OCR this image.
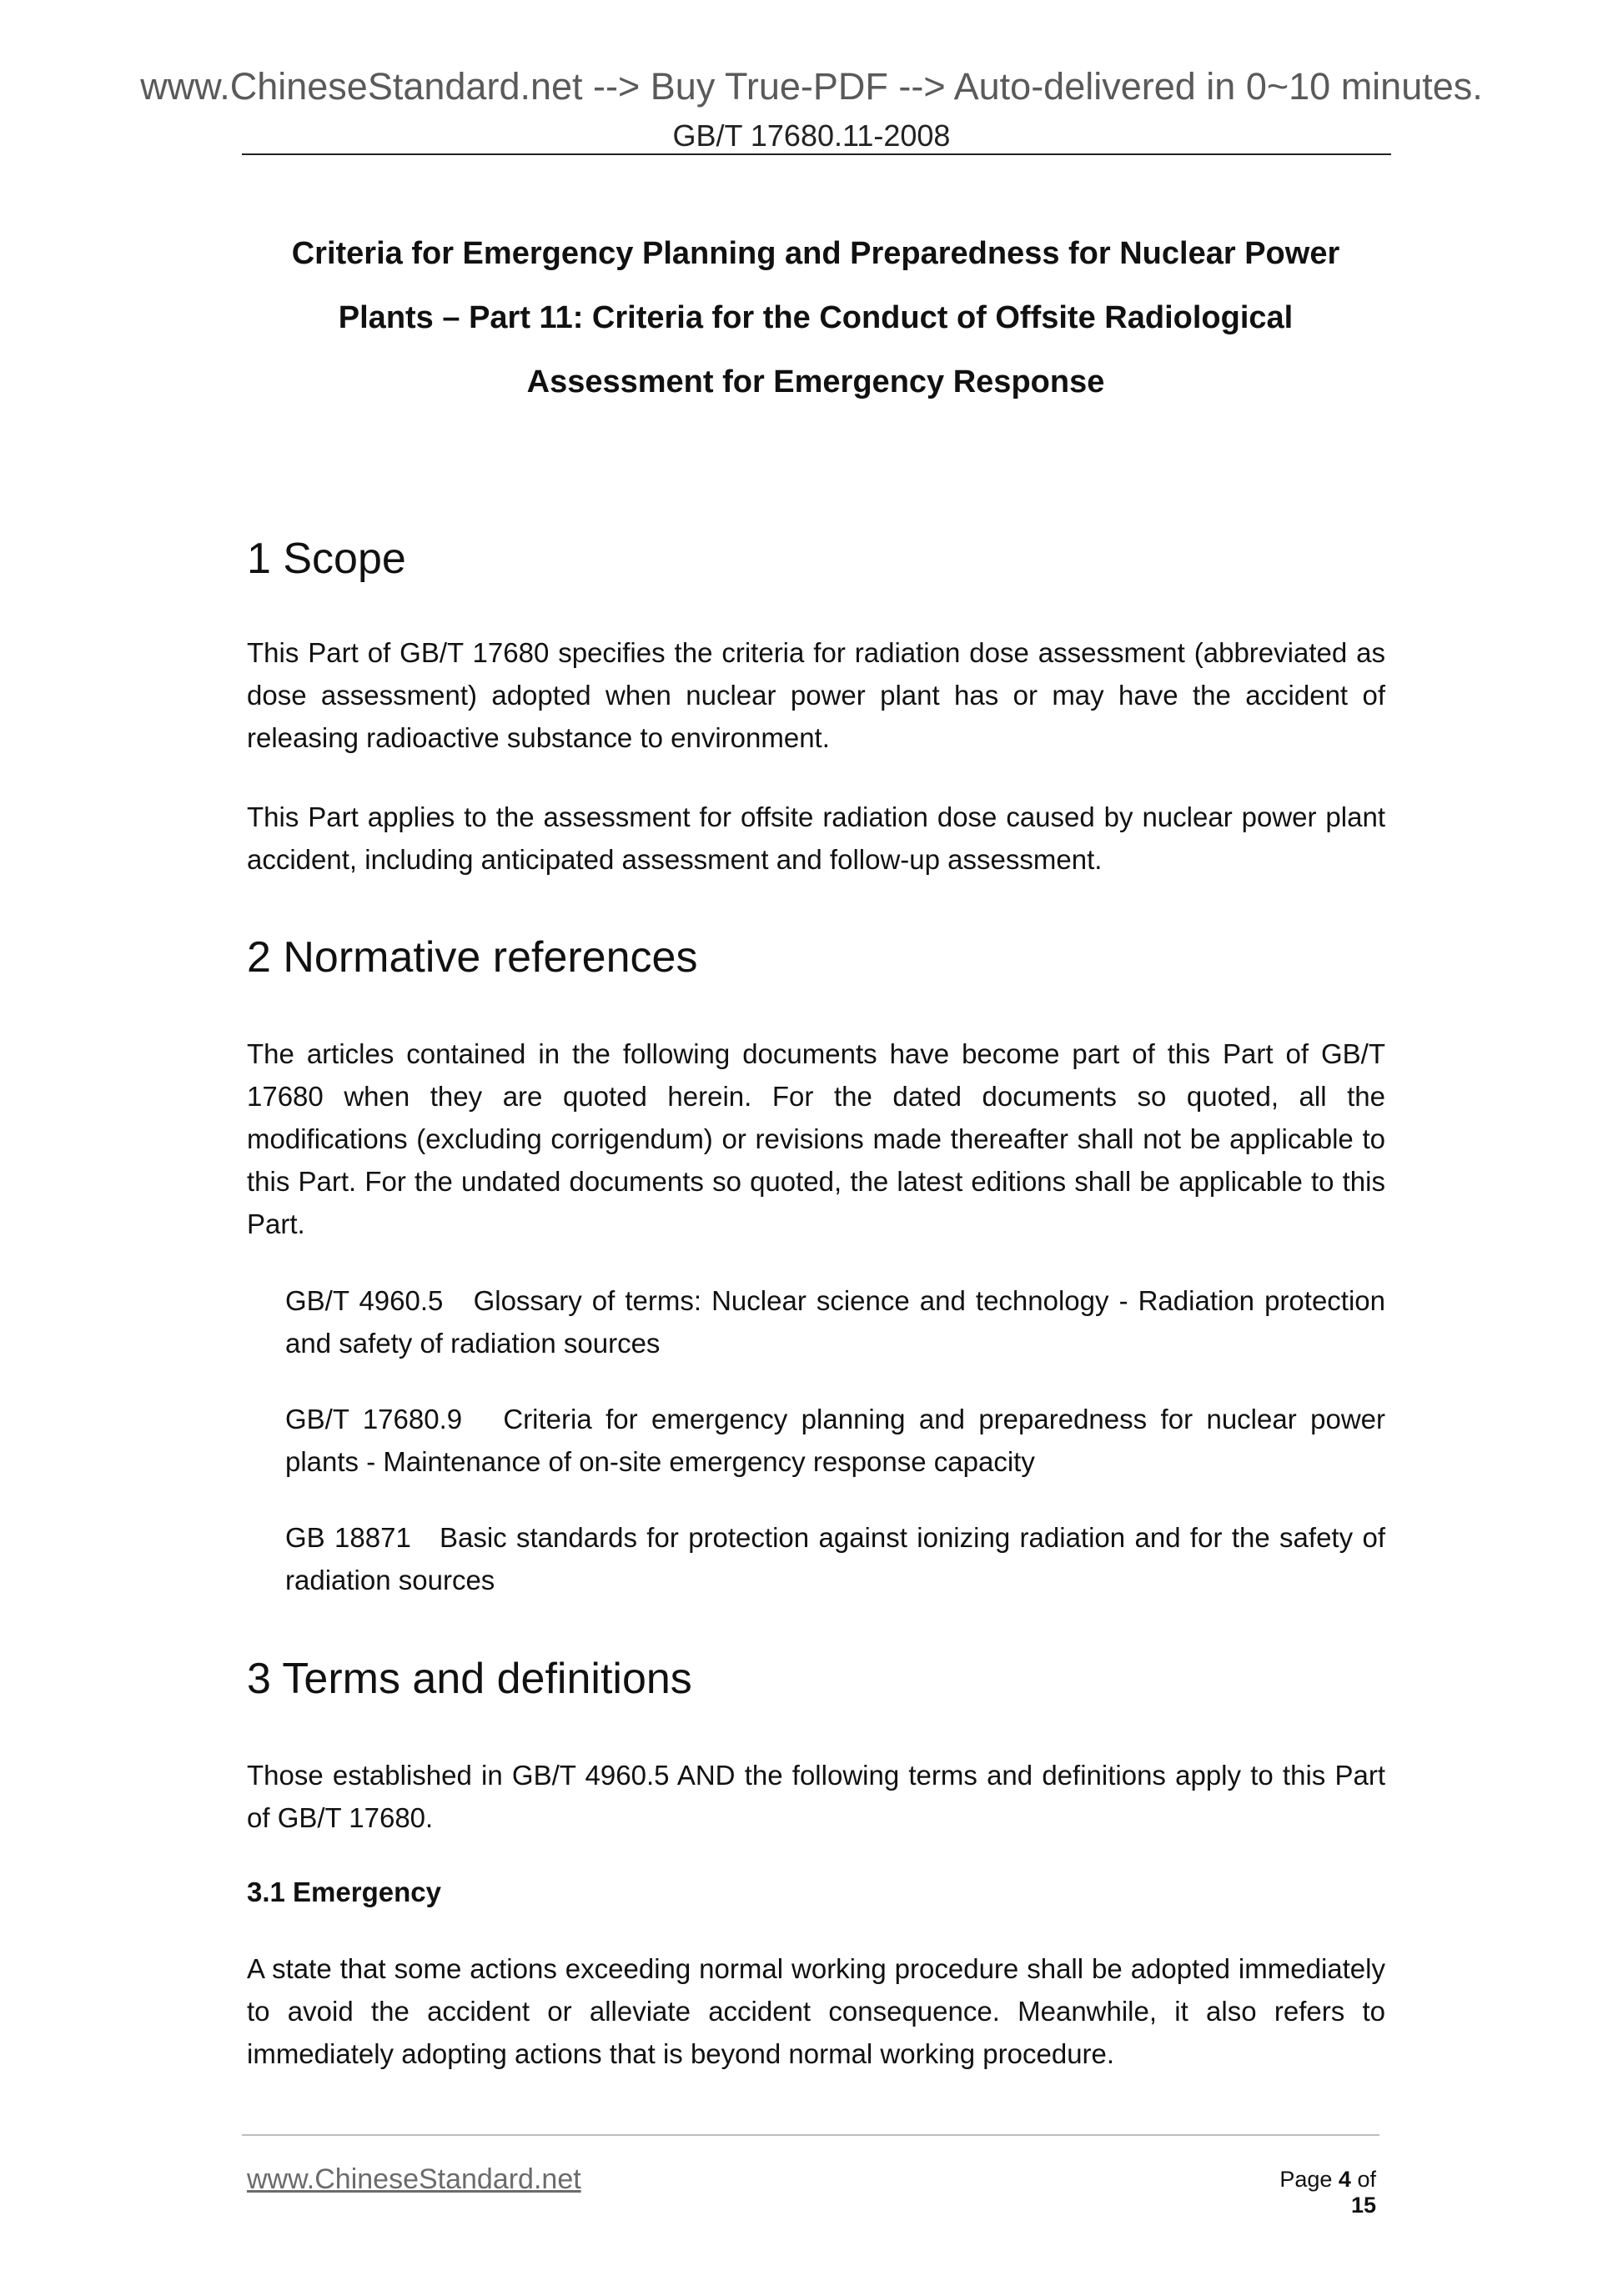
www.ChineseStandard.net --> Buy True-PDF --> Auto-delivered in 0~10 minutes.
GB/T 17680.11-2008
Criteria for Emergency Planning and Preparedness for Nuclear Power
Plants – Part 11: Criteria for the Conduct of Offsite Radiological
Assessment for Emergency Response
1 Scope
This Part of GB/T 17680 specifies the criteria for radiation dose assessment (abbreviated as dose assessment) adopted when nuclear power plant has or may have the accident of releasing radioactive substance to environment.
This Part applies to the assessment for offsite radiation dose caused by nuclear power plant accident, including anticipated assessment and follow-up assessment.
2 Normative references
The articles contained in the following documents have become part of this Part of GB/T 17680 when they are quoted herein. For the dated documents so quoted, all the modifications (excluding corrigendum) or revisions made thereafter shall not be applicable to this Part. For the undated documents so quoted, the latest editions shall be applicable to this Part.
GB/T 4960.5 Glossary of terms: Nuclear science and technology - Radiation protection and safety of radiation sources
GB/T 17680.9 Criteria for emergency planning and preparedness for nuclear power plants - Maintenance of on-site emergency response capacity
GB 18871 Basic standards for protection against ionizing radiation and for the safety of radiation sources
3 Terms and definitions
Those established in GB/T 4960.5 AND the following terms and definitions apply to this Part of GB/T 17680.
3.1 Emergency
A state that some actions exceeding normal working procedure shall be adopted immediately to avoid the accident or alleviate accident consequence. Meanwhile, it also refers to immediately adopting actions that is beyond normal working procedure.
www.ChineseStandard.net	Page 4 of 15
